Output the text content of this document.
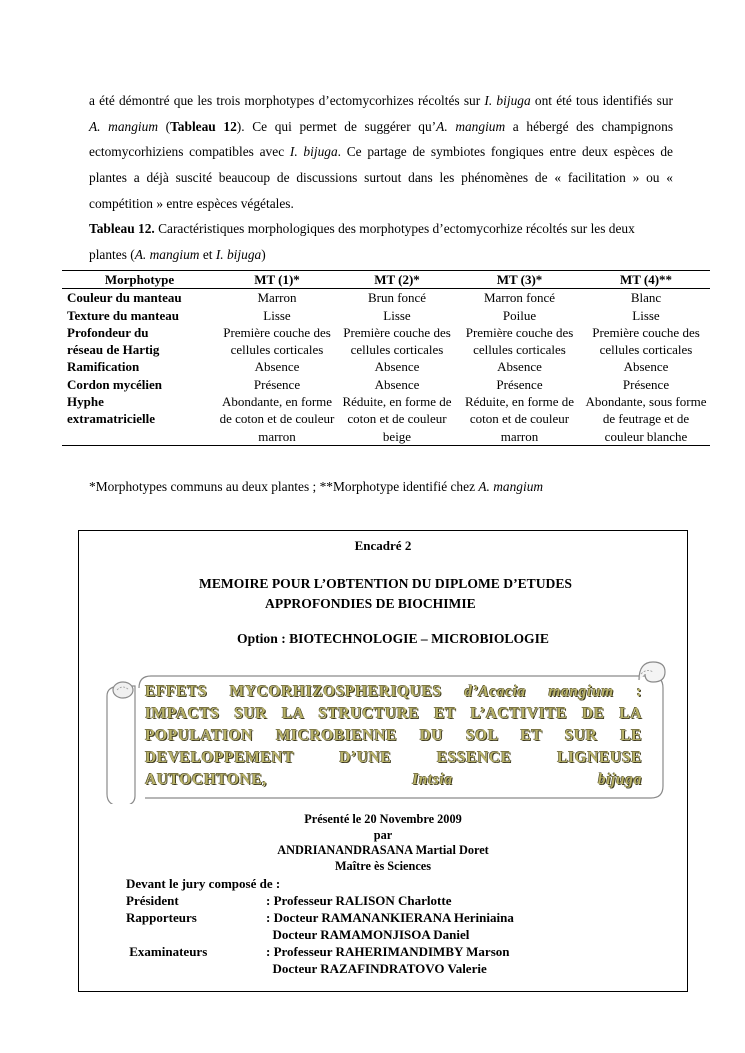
a été démontré que les trois morphotypes d’ectomycorhizes récoltés sur I. bijuga ont été tous identifiés sur A. mangium (Tableau 12). Ce qui permet de suggérer qu’A. mangium a hébergé des champignons ectomycorhiziens compatibles avec I. bijuga. Ce partage de symbiotes fongiques entre deux espèces de plantes a déjà suscité beaucoup de discussions surtout dans les phénomènes de « facilitation » ou « compétition » entre espèces végétales.
Tableau 12. Caractéristiques morphologiques des morphotypes d’ectomycorhize récoltés sur les deux plantes (A. mangium et I. bijuga)
Morphotype	MT (1)*	MT (2)*	MT (3)*	MT (4)**
Couleur du manteau	Marron	Brun foncé	Marron foncé	Blanc
Texture du manteau	Lisse	Lisse	Poilue	Lisse
Profondeur du réseau de Hartig	Première couche des cellules corticales	Première couche des cellules corticales	Première couche des cellules corticales	Première couche des cellules corticales
Ramification	Absence	Absence	Absence	Absence
Cordon mycélien	Présence	Absence	Présence	Présence
Hyphe extramatricielle	Abondante, en forme de coton et de couleur marron	Réduite, en forme de coton et de couleur beige	Réduite, en forme de coton et de couleur marron	Abondante, sous forme de feutrage et de couleur blanche
*Morphotypes communs au deux plantes ; **Morphotype identifié chez A. mangium
Encadré 2
MEMOIRE POUR L’OBTENTION DU DIPLOME D’ETUDES
APPROFONDIES DE BIOCHIMIE
Option : BIOTECHNOLOGIE – MICROBIOLOGIE
EFFETS MYCORHIZOSPHERIQUES d’Acacia mangium : IMPACTS SUR LA STRUCTURE ET L’ACTIVITE DE LA POPULATION MICROBIENNE DU SOL ET SUR LE DEVELOPPEMENT D’UNE ESSENCE LIGNEUSE
AUTOCHTONE, Intsia bijuga
Présenté le 20 Novembre 2009
par
ANDRIANANDRASANA Martial Doret
Maître ès Sciences
Devant le jury composé de :
Président	: Professeur RALISON Charlotte
Rapporteurs	: Docteur RAMANANKIERANA Heriniaina
Docteur RAMAMONJISOA Daniel
Examinateurs	: Professeur RAHERIMANDIMBY Marson
Docteur RAZAFINDRATOVO Valerie
